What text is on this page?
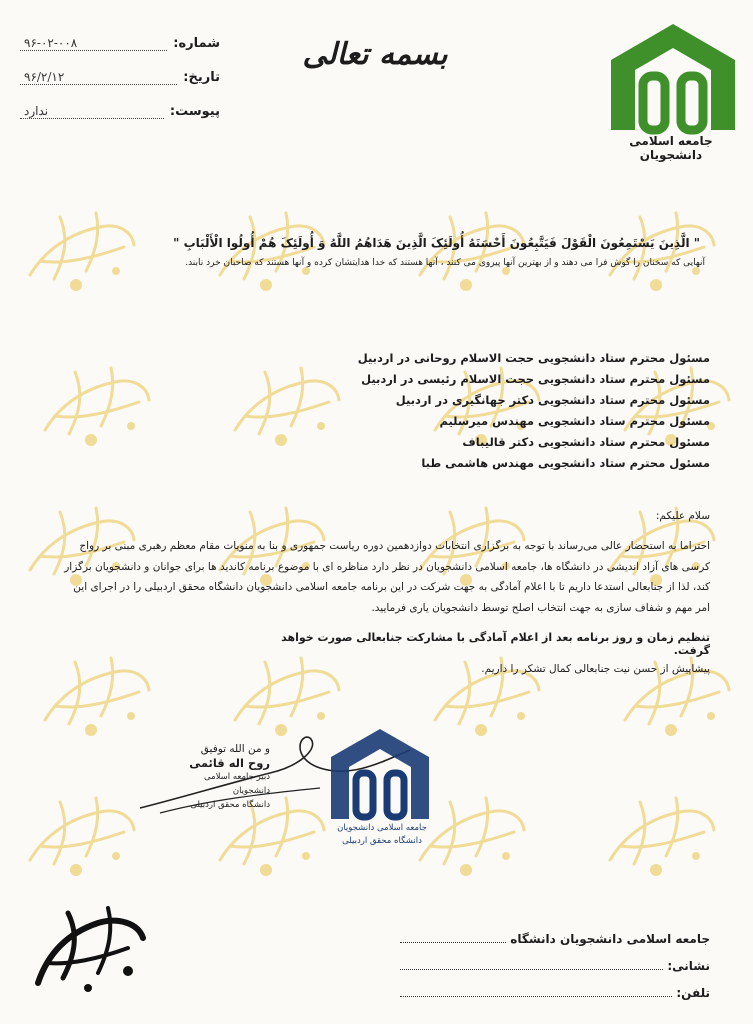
جامعه اسلامی دانشجویان
بسمه تعالی
شماره:
۹۶-۰۲-۰۰۸
تاریخ:
۹۶/۲/۱۲
پیوست:
ندارد
" الَّذِینَ یَسْتَمِعُونَ الْقَوْلَ فَیَتَّبِعُونَ أَحْسَنَهُ أُولَئِکَ الَّذِینَ هَدَاهُمُ اللَّهُ وَ أُولَئِکَ هُمْ أُولُوا الْأَلْبَابِ "
آنهایی که سخنان را گوش فرا می دهند و از بهترین آنها پیروی می کنند ، آنها هستند که خدا هدایتشان کرده و آنها هستند که صاحبان خرد نابند.
مسئول محترم ستاد دانشجویی حجت الاسلام روحانی در اردبیل
مسئول محترم ستاد دانشجویی حجت الاسلام رئیسی در اردبیل
مسئول محترم ستاد دانشجویی دکتر جهانگیری در اردبیل
مسئول محترم ستاد دانشجویی مهندس میرسلیم
مسئول محترم ستاد دانشجویی دکتر قالیباف
مسئول محترم ستاد دانشجویی مهندس هاشمی طبا
سلام علیکم:
احتراما به استحضار عالی می‌رساند با توجه به برگزاری انتخابات دوازدهمین دوره ریاست جمهوری و بنا به منویات مقام معظم رهبری مبنی بر رواج
کرسی های آزاد اندیشی در دانشگاه ها، جامعه اسلامی دانشجویان در نظر دارد مناظره ای با موضوع برنامه کاندید ها برای جوانان و دانشجویان برگزار
کند، لذا از جنابعالی استدعا داریم تا با اعلام آمادگی به جهت شرکت در این برنامه جامعه اسلامی دانشجویان دانشگاه محقق اردبیلی را در اجرای این
امر مهم و شفاف سازی به جهت انتخاب اصلح توسط دانشجویان یاری فرمایید.
تنظیم زمان و روز برنامه بعد از اعلام آمادگی با مشارکت جنابعالی صورت خواهد گرفت.
پیشاپیش از حسن نیت جنابعالی کمال تشکر را داریم.
و من الله توفیق
روح اله قائمی
دبیر جامعه اسلامی دانشجویان
دانشگاه محقق اردبیلی
جامعه اسلامی دانشجویان
دانشگاه محقق اردبیلی
جامعه اسلامی دانشجویان دانشگاه
نشانی:
تلفن:
